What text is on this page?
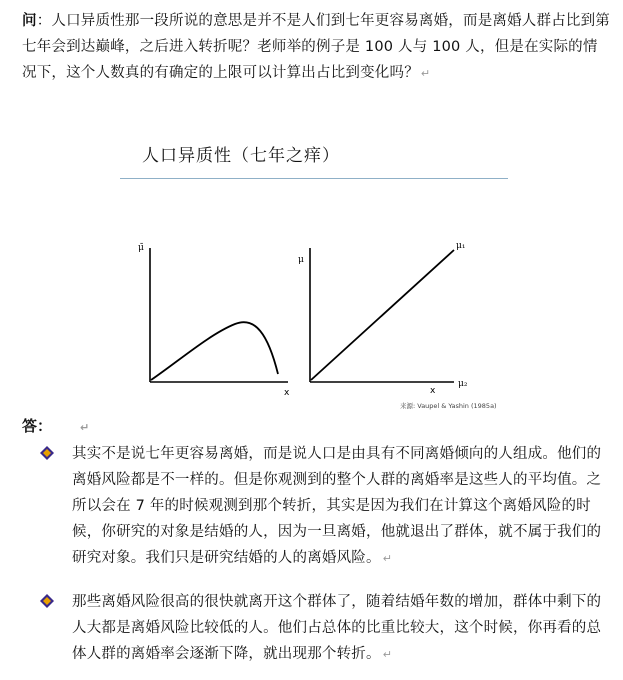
问：人口异质性那一段所说的意思是并不是人们到七年更容易离婚，而是离婚人群占比到第七年会到达巅峰，之后进入转折呢？老师举的例子是 100 人与 100 人，但是在实际的情况下，这个人数真的有确定的上限可以计算出占比到变化吗？ ↵
人口异质性（七年之痒）
μ̄
x
μ
μ₁
x
μ₂
来源: Vaupel & Yashin (1985a)
答：	↵
其实不是说七年更容易离婚，而是说人口是由具有不同离婚倾向的人组成。他们的离婚风险都是不一样的。但是你观测到的整个人群的离婚率是这些人的平均值。之所以会在 7 年的时候观测到那个转折，其实是因为我们在计算这个离婚风险的时候，你研究的对象是结婚的人，因为一旦离婚，他就退出了群体，就不属于我们的研究对象。我们只是研究结婚的人的离婚风险。 ↵
那些离婚风险很高的很快就离开这个群体了，随着结婚年数的增加，群体中剩下的人大都是离婚风险比较低的人。他们占总体的比重比较大，这个时候，你再看的总体人群的离婚率会逐渐下降，就出现那个转折。 ↵
